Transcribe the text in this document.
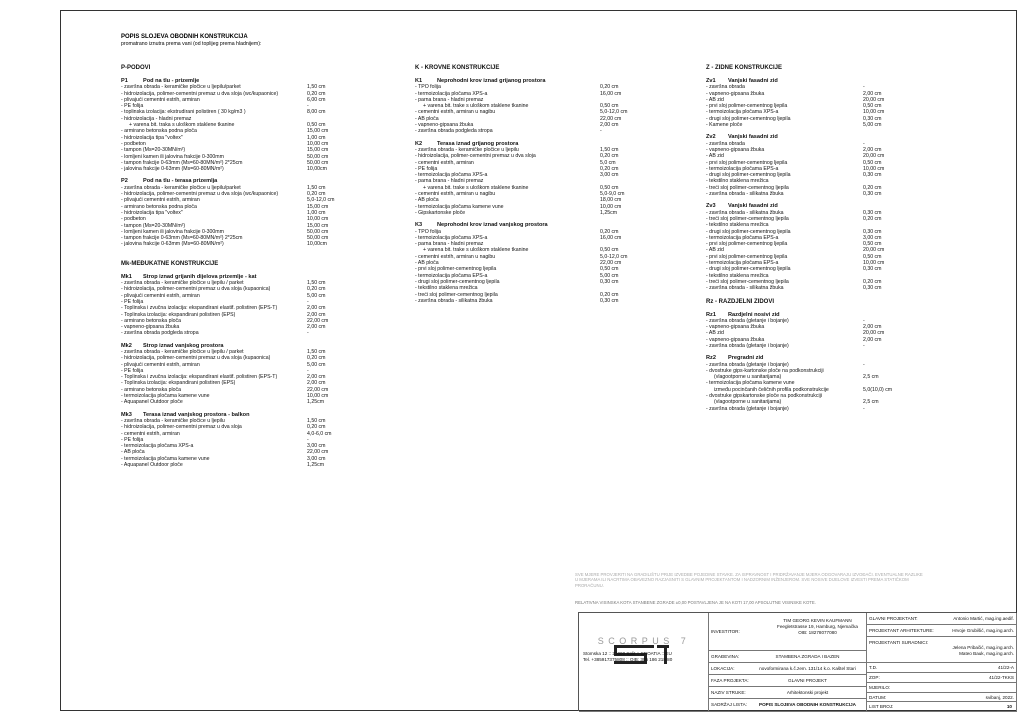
POPIS SLOJEVA OBODNIH KONSTRUKCIJA
promatrano iznutra prema vani (od toplijeg prema hladnijem):
P-PODOVI
P1	Pod na tlu - prizemlje
- završna obrada - keramičke pločice u ljepilu/parket	1,50 cm
- hidroizolacija, polimer-cementni premaz u dva sloja (wc/kupaonice)	0,20 cm
- plivajući cementni estrih, armiran	6,00 cm
- PE folija	-
- toplinska izolacija: ekstrudirani polistiren ( 30 kg/m3 )	8,00 cm
- hidroizolacija - hladni premaz
+ varena bit. traka s uloškom staklene tkanine	0,50 cm
- armirano betonska podna ploča	15,00 cm
- hidroizolacija tipa "voltex"	1,00 cm
- podbeton	10,00 cm
- tampon (Ms=20-30MN/m²)	15,00 cm
- lomljeni kamen ili jalovina frakcije 0-300mm	50,00 cm
- tampon frakcije 0-63mm (Ms=60-80MN/m²) 2*25cm	50,00 cm
- jalovina frakcije 0-63mm (Ms=60-80MN/m²)	10,00cm
P2	Pod na tlu - terasa prizemlja
- završna obrada - keramičke pločice u ljepilu/parket	1,50 cm
- hidroizolacija, polimer-cementni premaz u dva sloja (wc/kupaonice)	0,20 cm
- plivajući cementni estrih, armiran	5,0-12,0 cm
- armirano betonska podna ploča	15,00 cm
- hidroizolacija tipa "voltex"	1,00 cm
- podbeton	10,00 cm
- tampon (Ms=20-30MN/m²)	15,00 cm
- lomljeni kamen ili jalovina frakcije 0-300mm	50,00 cm
- tampon frakcije 0-63mm (Ms=60-80MN/m²) 2*25cm	50,00 cm
- jalovina frakcije 0-63mm (Ms=60-80MN/m²)	10,00cm
Mk-MEĐUKATNE KONSTRUKCIJE
Mk1 Strop iznad grijanih dijelova prizemlje - kat
- završna obrada - keramičke pločice u ljepilu / parket	1,50 cm
- hidroizolacija, polimer-cementni premaz u dva sloja (kupaonica)	0,20 cm
- plivajući cementni estrih, armiran	5,00 cm
- PE folija	-
- Toplinska i zvučna izolacija: ekspandirani elastif. polistiren (EPS-T)	2,00 cm
- Toplinska izolacija: ekspandirani polistiren (EPS)	2,00 cm
- armirano betonska ploča	22,00 cm
- vapneno-gipsana žbuka	2,00 cm
- završna obrada podgleda stropa	-
Mk2 Strop iznad vanjskog prostora
- završna obrada - keramičke pločice u ljepilu / parket	1,50 cm
- hidroizolacija, polimer-cementni premaz u dva sloja (kupaonica)	0,20 cm
- plivajući cementni estrih, armiran	5,00 cm
- PE folija	-
- Toplinska i zvučna izolacija: ekspandirani elastif. polistiren (EPS-T)	2,00 cm
- Toplinska izolacija: ekspandirani polistiren (EPS)	2,00 cm
- armirano betonska ploča	22,00 cm
- termoizolacija pločama kamene vune	10,00 cm
- Aquapanel Outdoor ploče	1,25cm
Mk3 Terasa iznad vanjskog prostora - balkon
- završna obrada - keramičke pločice u ljepilu	1,50 cm
- hidroizolacija, polimer-cementni premaz u dva sloja	0,20 cm
- cementni estrih, armiran	4,0-6,0 cm
- PE folija	-
- termoizolacija pločama XPS-a	3,00 cm
- AB ploča	22,00 cm
- termoizolacija pločama kamene vune	3,00 cm
- Aquapanel Outdoor ploče	1,25cm
K - KROVNE KONSTRUKCIJE
K1	Neprohodni krov iznad grijanog prostora
- TPO folija	0,20 cm
- termoizolacija pločama XPS-a	16,00 cm
- parna brana - hladni premaz
+ varena bit. trake s uloškom staklene tkanine	0,50 cm
- cementni estrih, armiran u nagibu	5,0-12,0 cm
- AB ploča	22,00 cm
- vapneno-gipsana žbuka	2,00 cm
- završna obrada podgleda stropa	-
K2	Terasa iznad grijanog prostora
- završna obrada - keramičke pločice u ljepilu	1,50 cm
- hidroizolacija, polimer-cementni premaz u dva sloja	0,20 cm
- cementni estrih, armiran	5,0 cm
- PE folija	0,20 cm
- termoizolacija pločama XPS-a	3,00 cm
- parna brana - hladni premaz
+ varena bit. trake s uloškom staklene tkanine	0,50 cm
- cementni estrih, armiran u nagibu	5,0-9,0 cm
- AB ploča	18,00 cm
- termoizolacija pločama kamene vune	10,00 cm
- Gipskartonske ploče	1,25cm
K3	Neprohodni krov iznad vanjskog prostora
- TPO folija	0,20 cm
- termoizolacija pločama XPS-a	16,00 cm
- parna brana - hladni premaz
+ varena bit. trake s uloškom staklene tkanine	0,50 cm
- cementni estrih, armiran u nagibu	5,0-12,0 cm
- AB ploča	22,00 cm
- prvi sloj polimer-cementnog ljepila	0,50 cm
- termoizolacija pločama EPS-a	5,00 cm
- drugi sloj polimer-cementnog ljepila	0,30 cm
- tekstilno staklena mrežica
- treći sloj polimer-cementnog ljepila	0,20 cm
- završna obrada - silikatna žbuka	0,30 cm
Z - ZIDNE KONSTRUKCIJE
Zv1 Vanjski fasadni zid
- završna obrada	-
- vapneno-gipsana žbuka	2,00 cm
- AB zid	20,00 cm
- prvi sloj polimer-cementnog ljepila	0,50 cm
- termoizolacija pločama XPS-a	10,00 cm
- drugi sloj polimer-cementnog ljepila	0,30 cm
- Kamene ploče	5,00 cm
Zv2 Vanjski fasadni zid
- završna obrada	-
- vapneno-gipsana žbuka	2,00 cm
- AB zid	20,00 cm
- prvi sloj polimer-cementnog ljepila	0,50 cm
- termoizolacija pločama EPS-a	10,00 cm
- drugi sloj polimer-cementnog ljepila	0,30 cm
- tekstilno staklena mrežica
- treći sloj polimer-cementnog ljepila	0,20 cm
- završna obrada - silikatna žbuka	0,30 cm
Zv3 Vanjski fasadni zid
- završna obrada - silikatna žbuka	0,30 cm
- treći sloj polimer-cementnog ljepila	0,20 cm
- tekstilno staklena mrežica
- drugi sloj polimer-cementnog ljepila	0,30 cm
- termoizolacija pločama EPS-a	3,00 cm
- prvi sloj polimer-cementnog ljepila	0,50 cm
- AB zid	20,00 cm
- prvi sloj polimer-cementnog ljepila	0,50 cm
- termoizolacija pločama EPS-a	10,00 cm
- drugi sloj polimer-cementnog ljepila	0,30 cm
- tekstilno staklena mrežica
- treći sloj polimer-cementnog ljepila	0,20 cm
- završna obrada - silikatna žbuka	0,30 cm
Rz - RAZDJELNI ZIDOVI
Rz1 Razdjelni nosivi zid
- završna obrada (gletanje i bojanje)	-
- vapneno-gipsana žbuka	2,00 cm
- AB zid	20,00 cm
- vapneno-gipsana žbuka	2,00 cm
- završna obrada (gletanje i bojanje)	-
Rz2 Pregradni zid
- završna obrada (gletanje i bojanje)	-
- dvostruke gips-kartonske ploče na podkonstrukciji
(vlagootporne u sanitarijama)	2,5 cm
- termoizolacija pločama kamene vune
između pocinčanih čeličnih profila podkonstrukcije	5,0(10,0) cm
- dvostruke gipskartonske ploče na podkonstrukciji
(vlagootporne u sanitarijama)	2,5 cm
- završna obrada (gletanje i bojanje)	-
SVE MJERE PROVJERITI NA GRADILIŠTU PRIJE IZVEDBE POJEDINE STAVKE. ZA ISPRAVNOST I PRIDRŽAVANJE MJERA ODGOVARAJU IZVOĐAČI. EVENTUALNE RAZLIKE U MJERAMA ILI NACRTIMA OBAVEZNO RAZJASNITI S GLAVNIM PROJEKTANTOM I NADZORNIM INŽENJEROM. SVE NOSIVE DIJELOVE IZVESTI PREMA STATIČKOM PRORAČUNU.
RELATIVNA VISINSKA KOTA STANBENE ZGRADE ±0,00 POSTAVLJENA JE NA KOTI 17,00 APSOLUTNE VISINSKE KOTE.
SCORPUS 7
Stomska 12 :: 21000 Split :: CROATIA :: EU
Tel. +385917375808 :: OIB: 305 186 218 80
INVESTITOR:
TIM GEORG KEVIN KAUFMANN
Feegletstrasse 19, Hamburg, Njemačka
OIB: 18278077080
GRAĐEVINA:	STAMBENA ZGRADA I BAZEN
LOKACIJA:	novoformirana k.č.zem. 131/14 k.o. Kaštel Stari
FAZA PROJEKTA:	GLAVNI PROJEKT
NAZIV STRUKE:	Arhitektonski projekt
SADRŽAJ LISTA:	POPIS SLOJEVA OBODNIH KONSTRUKCIJA
GLAVNI PROJEKTANT:	Antonio Martić, mag.ing.aedif.
PROJEKTANT ARHITEKTURE:	Hrvoje Grubišić, mag.ing.arch.
PROJEKTANTI SURADNICI:
Jelena Pribačić, mag.ing.arch.
Mateo Bauk, mag.ing.arch.
T.D.	41/22-A
ZOP:	41/22-TKKS
MJERILO:
DATUM:	svibanj, 2022.
LIST BROJ:	10
